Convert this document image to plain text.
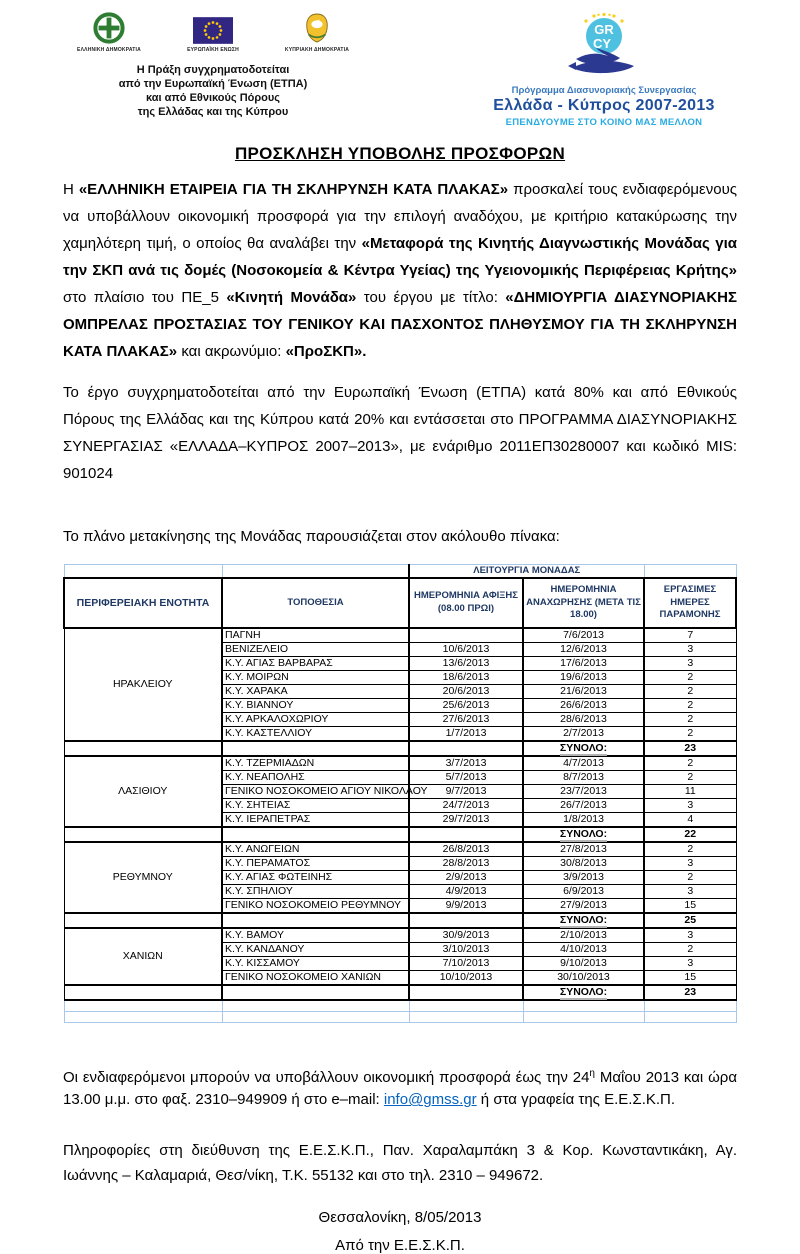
ΕΛΛΗΝΙΚΗ ΔΗΜΟΚΡΑΤΙΑ	ΕΥΡΩΠΑΪΚΗ ΕΝΩΣΗ	ΚΥΠΡΙΑΚΗ ΔΗΜΟΚΡΑΤΙΑ
Η Πράξη συγχρηματοδοτείται
από την Ευρωπαϊκή Ένωση (ΕΤΠΑ)
και από Εθνικούς Πόρους
της Ελλάδας και της Κύπρου
GR
CY
Πρόγραμμα Διασυνοριακής Συνεργασίας
Ελλάδα - Κύπρος 2007-2013
ΕΠΕΝΔΥΟΥΜΕ ΣΤΟ ΚΟΙΝΟ ΜΑΣ ΜΕΛΛΟΝ
ΠΡΟΣΚΛΗΣΗ ΥΠΟΒΟΛΗΣ ΠΡΟΣΦΟΡΩΝ
Η «ΕΛΛΗΝΙΚΗ ΕΤΑΙΡΕΙΑ ΓΙΑ ΤΗ ΣΚΛΗΡΥΝΣΗ ΚΑΤΑ ΠΛΑΚΑΣ» προσκαλεί τους ενδιαφερόμενους να υποβάλλουν οικονομική προσφορά για την επιλογή αναδόχου, με κριτήριο κατακύρωσης την χαμηλότερη τιμή, ο οποίος θα αναλάβει την «Μεταφορά της Κινητής Διαγνωστικής Μονάδας για την ΣΚΠ ανά τις δομές (Νοσοκομεία & Κέντρα Υγείας) της Υγειονομικής Περιφέρειας Κρήτης» στο πλαίσιο του ΠΕ_5 «Κινητή Μονάδα» του έργου με τίτλο: «ΔΗΜΙΟΥΡΓΙΑ ΔΙΑΣΥΝΟΡΙΑΚΗΣ ΟΜΠΡΕΛΑΣ ΠΡΟΣΤΑΣΙΑΣ ΤΟΥ ΓΕΝΙΚΟΥ ΚΑΙ ΠΑΣΧΟΝΤΟΣ ΠΛΗΘΥΣΜΟΥ ΓΙΑ ΤΗ ΣΚΛΗΡΥΝΣΗ ΚΑΤΑ ΠΛΑΚΑΣ» και ακρωνύμιο: «ΠροΣΚΠ».
Το έργο συγχρηματοδοτείται από την Ευρωπαϊκή Ένωση (ΕΤΠΑ) κατά 80% και από Εθνικούς Πόρους της Ελλάδας και της Κύπρου κατά 20% και εντάσσεται στο ΠΡΟΓΡΑΜΜΑ ΔΙΑΣΥΝΟΡΙΑΚΗΣ ΣΥΝΕΡΓΑΣΙΑΣ «ΕΛΛΑΔΑ–ΚΥΠΡΟΣ 2007–2013», με ενάριθμο 2011ΕΠ30280007 και κωδικό MIS: 901024
Το πλάνο μετακίνησης της Μονάδας παρουσιάζεται στον ακόλουθο πίνακα:
		ΛΕΙΤΟΥΡΓΙΑ ΜΟΝΑΔΑΣ		
ΠΕΡΙΦΕΡΕΙΑΚΗ ΕΝΟΤΗΤΑ	ΤΟΠΟΘΕΣΙΑ	ΗΜΕΡΟΜΗΝΙΑ ΑΦΙΞΗΣ (08.00 ΠΡΩΙ)	ΗΜΕΡΟΜΗΝΙΑ ΑΝΑΧΩΡΗΣΗΣ (ΜΕΤΑ ΤΙΣ 18.00)	ΕΡΓΑΣΙΜΕΣ ΗΜΕΡΕΣ ΠΑΡΑΜΟΝΗΣ
ΗΡΑΚΛΕΙΟΥ	ΠΑΓΝΗ		7/6/2013	7
	ΒΕΝΙΖΕΛΕΙΟ	10/6/2013	12/6/2013	3
	Κ.Υ. ΑΓΙΑΣ ΒΑΡΒΑΡΑΣ	13/6/2013	17/6/2013	3
	Κ.Υ. ΜΟΙΡΩΝ	18/6/2013	19/6/2013	2
	Κ.Υ. ΧΑΡΑΚΑ	20/6/2013	21/6/2013	2
	Κ.Υ. ΒΙΑΝΝΟΥ	25/6/2013	26/6/2013	2
	Κ.Υ. ΑΡΚΑΛΟΧΩΡΙΟΥ	27/6/2013	28/6/2013	2
	Κ.Υ. ΚΑΣΤΕΛΛΙΟΥ	1/7/2013	2/7/2013	2
			ΣΥΝΟΛΟ:	23
ΛΑΣΙΘΙΟΥ	Κ.Υ. ΤΖΕΡΜΙΑΔΩΝ	3/7/2013	4/7/2013	2
	Κ.Υ. ΝΕΑΠΟΛΗΣ	5/7/2013	8/7/2013	2
	ΓΕΝΙΚΟ ΝΟΣΟΚΟΜΕΙΟ ΑΓΙΟΥ ΝΙΚΟΛΑΟΥ	9/7/2013	23/7/2013	11
	Κ.Υ. ΣΗΤΕΙΑΣ	24/7/2013	26/7/2013	3
	Κ.Υ. ΙΕΡΑΠΕΤΡΑΣ	29/7/2013	1/8/2013	4
			ΣΥΝΟΛΟ:	22
ΡΕΘΥΜΝΟΥ	Κ.Υ. ΑΝΩΓΕΙΩΝ	26/8/2013	27/8/2013	2
	Κ.Υ. ΠΕΡΑΜΑΤΟΣ	28/8/2013	30/8/2013	3
	Κ.Υ. ΑΓΙΑΣ ΦΩΤΕΙΝΗΣ	2/9/2013	3/9/2013	2
	Κ.Υ. ΣΠΗΛΙΟΥ	4/9/2013	6/9/2013	3
	ΓΕΝΙΚΟ ΝΟΣΟΚΟΜΕΙΟ ΡΕΘΥΜΝΟΥ	9/9/2013	27/9/2013	15
			ΣΥΝΟΛΟ:	25
ΧΑΝΙΩΝ	Κ.Υ. ΒΑΜΟΥ	30/9/2013	2/10/2013	3
	Κ.Υ. ΚΑΝΔΑΝΟΥ	3/10/2013	4/10/2013	2
	Κ.Υ. ΚΙΣΣΑΜΟΥ	7/10/2013	9/10/2013	3
	ΓΕΝΙΚΟ ΝΟΣΟΚΟΜΕΙΟ ΧΑΝΙΩΝ	10/10/2013	30/10/2013	15
			ΣΥΝΟΛΟ:	23

Οι ενδιαφερόμενοι μπορούν να υποβάλλουν οικονομική προσφορά έως την $24^\eta$ Μαΐου 2013 και ώρα 13.00 μ.μ. στο φαξ. 2310–949909 ή στο e–mail: info@gmss.gr ή στα γραφεία της Ε.Ε.Σ.Κ.Π.
Πληροφορίες στη διεύθυνση της Ε.Ε.Σ.Κ.Π., Παν. Χαραλαμπάκη 3 & Κορ. Κωνσταντικάκη, Αγ. Ιωάννης – Καλαμαριά, Θεσ/νίκη, Τ.Κ. 55132 και στο τηλ. 2310 – 949672.
Θεσσαλονίκη, 8/05/2013
Από την Ε.Ε.Σ.Κ.Π.
